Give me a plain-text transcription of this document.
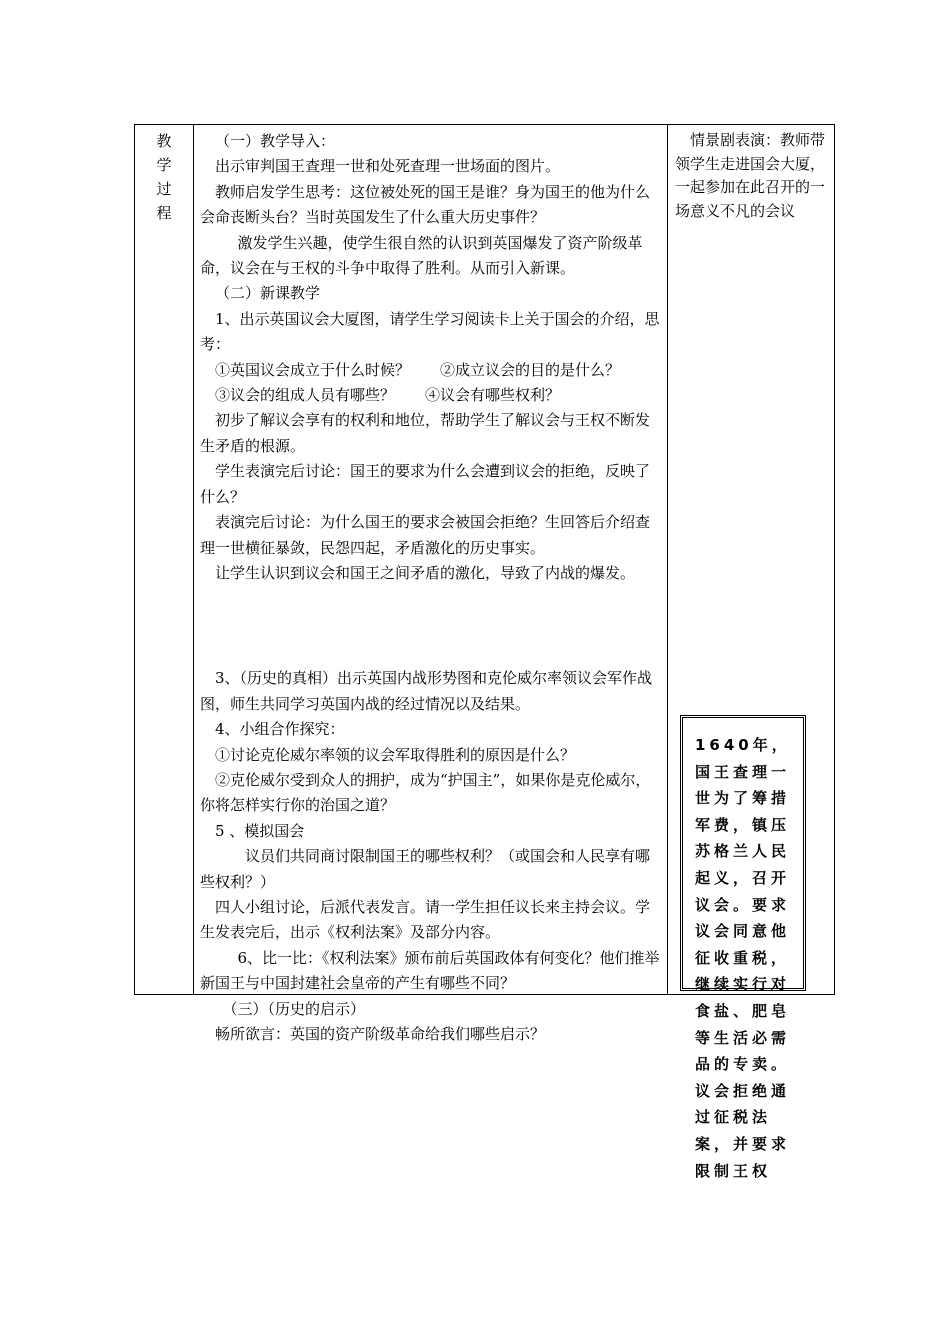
教
学
过
程

（一）教学导入：

出示审判国王查理一世和处死查理一世场面的图片。

教师启发学生思考：这位被处死的国王是谁？身为国王的他为什么会命丧断头台？当时英国发生了什么重大历史事件？

激发学生兴趣，使学生很自然的认识到英国爆发了资产阶级革命，议会在与王权的斗争中取得了胜利。从而引入新课。

（二）新课教学

1、出示英国议会大厦图，请学生学习阅读卡上关于国会的介绍，思考：

①英国议会成立于什么时候？　　②成立议会的目的是什么？

③议会的组成人员有哪些？　　④议会有哪些权利？

初步了解议会享有的权利和地位，帮助学生了解议会与王权不断发生矛盾的根源。

学生表演完后讨论：国王的要求为什么会遭到议会的拒绝，反映了什么？

表演完后讨论：为什么国王的要求会被国会拒绝？生回答后介绍查理一世横征暴敛，民怨四起，矛盾激化的历史事实。

让学生认识到议会和国王之间矛盾的激化，导致了内战的爆发。

3、（历史的真相）出示英国内战形势图和克伦威尔率领议会军作战图，师生共同学习英国内战的经过情况以及结果。

4、小组合作探究：

①讨论克伦威尔率领的议会军取得胜利的原因是什么？

②克伦威尔受到众人的拥护，成为“护国主”，如果你是克伦威尔，你将怎样实行你的治国之道？

5 、模拟国会

议员们共同商讨限制国王的哪些权利？（或国会和人民享有哪些权利？）

四人小组讨论，后派代表发言。请一学生担任议长来主持会议。学生发表完后，出示《权利法案》及部分内容。

6、比一比：《权利法案》颁布前后英国政体有何变化？他们推举新国王与中国封建社会皇帝的产生有哪些不同？

（三）（历史的启示）

畅所欲言：英国的资产阶级革命给我们哪些启示？

情景剧表演：教师带领学生走进国会大厦，一起参加在此召开的一场意义不凡的会议

1640年，国王查理一世为了筹措军费，镇压苏格兰人民起义，召开议会。要求议会同意他征收重税，继续实行对食盐、肥皂等生活必需品的专卖。议会拒绝通过征税法案，并要求限制王权
